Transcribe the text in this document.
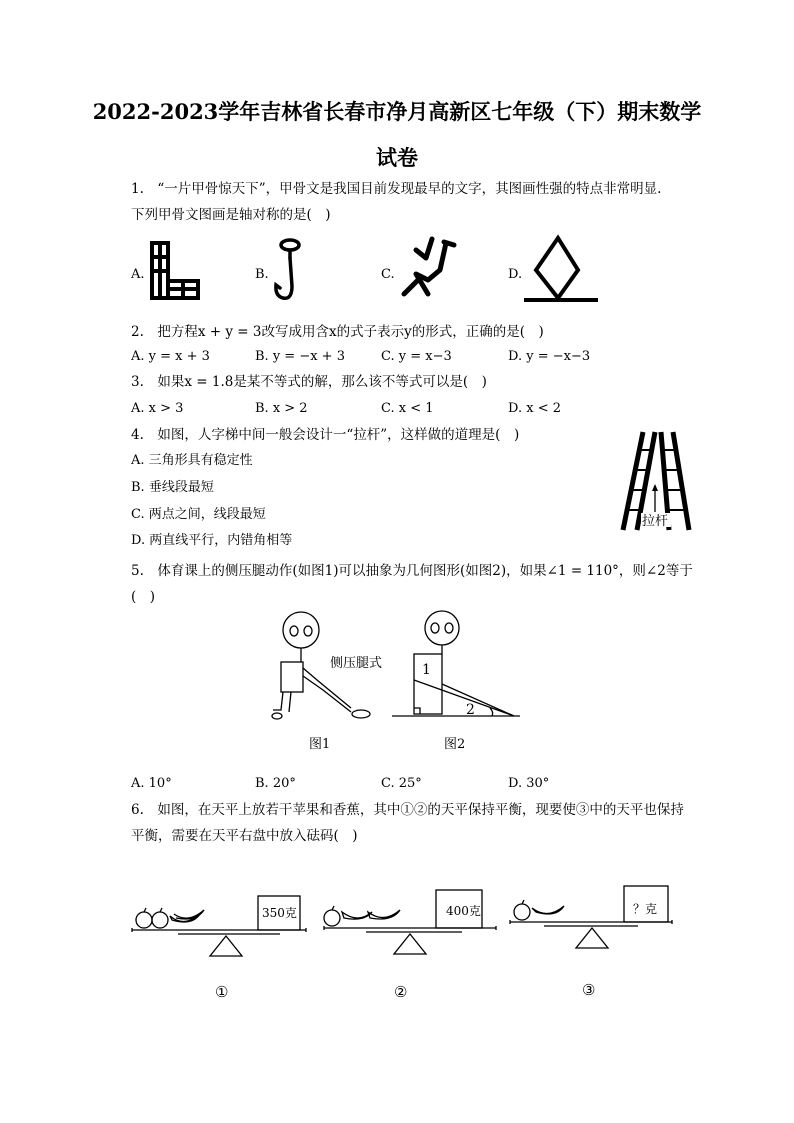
2022-2023学年吉林省长春市净月高新区七年级（下）期末数学
试卷
1.　“一片甲骨惊天下”，甲骨文是我国目前发现最早的文字，其图画性强的特点非常明显.
下列甲骨文图画是轴对称的是(　)
A.	B.	C.	D.
2.　把方程x + y = 3改写成用含x的式子表示y的形式，正确的是(　)
A. y = x + 3	B. y = −x + 3	C. y = x−3	D. y = −x−3
3.　如果x = 1.8是某不等式的解，那么该不等式可以是(　)
A. x > 3	B. x > 2	C. x < 1	D. x < 2
4.　如图，人字梯中间一般会设计一“拉杆”，这样做的道理是(　)
A. 三角形具有稳定性
B. 垂线段最短
C. 两点之间，线段最短
D. 两直线平行，内错角相等
拉杆
5.　体育课上的侧压腿动作(如图1)可以抽象为几何图形(如图2)，如果∠1 = 110°，则∠2等于
(　)
侧压腿式	1
2
图1	图2
A. 10°	B. 20°	C. 25°	D. 30°
6.　如图，在天平上放若干苹果和香蕉，其中①②的天平保持平衡，现要使③中的天平也保持
平衡，需要在天平右盘中放入砝码(　)
350克	400克	？克
①	②	③
